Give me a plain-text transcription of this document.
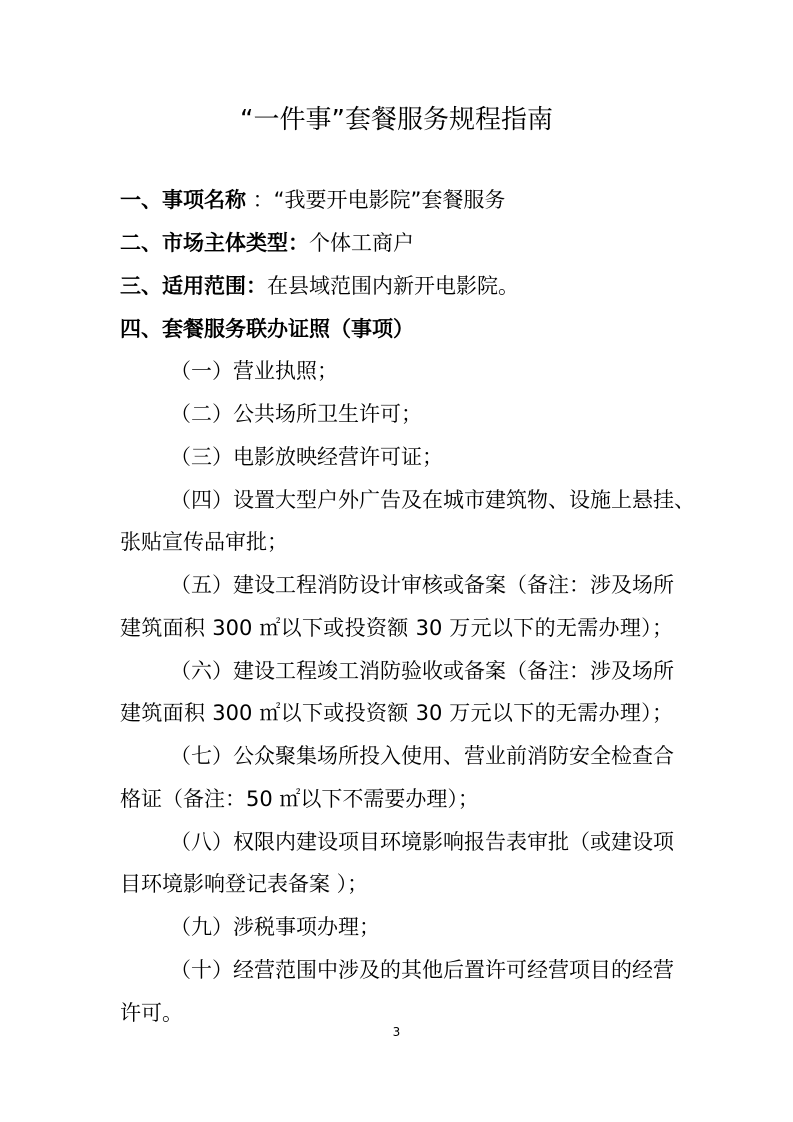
“一件事”套餐服务规程指南
一、事项名称 ：“我要开电影院”套餐服务
二、市场主体类型：个体工商户
三、适用范围：在县域范围内新开电影院。
四、套餐服务联办证照（事项）
（一）营业执照；
（二）公共场所卫生许可；
（三）电影放映经营许可证；
（四）设置大型户外广告及在城市建筑物、设施上悬挂、
张贴宣传品审批；
（五）建设工程消防设计审核或备案（备注：涉及场所
建筑面积 300 ㎡以下或投资额 30 万元以下的无需办理）；
（六）建设工程竣工消防验收或备案（备注：涉及场所
建筑面积 300 ㎡以下或投资额 30 万元以下的无需办理）；
（七）公众聚集场所投入使用、营业前消防安全检查合
格证（备注：50 ㎡以下不需要办理）；
（八）权限内建设项目环境影响报告表审批（或建设项
目环境影响登记表备案 ）；
（九）涉税事项办理；
（十）经营范围中涉及的其他后置许可经营项目的经营
许可。
3
